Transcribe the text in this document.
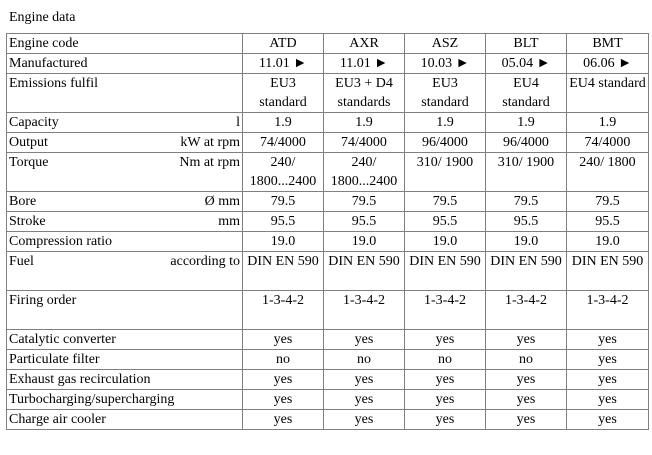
Engine data
Engine code	ATD	AXR	ASZ	BLT	BMT

Manufactured	11.01 ►	11.01 ►	10.03 ►	05.04 ►	06.06 ►

Emissions fulfil	EU3 standard	EU3 + D4 standards	EU3 standard	EU4 standard	EU4 standard

Capacity l	1.9	1.9	1.9	1.9	1.9

Output kW at rpm	74/4000	74/4000	96/4000	96/4000	74/4000

Torque Nm at rpm	240/ 1800...2400	240/ 1800...2400	310/ 1900	310/ 1900	240/ 1800

Bore Ø mm	79.5	79.5	79.5	79.5	79.5

Stroke mm	95.5	95.5	95.5	95.5	95.5

Compression ratio	19.0	19.0	19.0	19.0	19.0

Fuel according to	DIN EN 590	DIN EN 590	DIN EN 590	DIN EN 590	DIN EN 590

Firing order	1-3-4-2	1-3-4-2	1-3-4-2	1-3-4-2	1-3-4-2

Catalytic converter	yes	yes	yes	yes	yes

Particulate filter	no	no	no	no	yes

Exhaust gas recirculation	yes	yes	yes	yes	yes

Turbocharging/supercharging	yes	yes	yes	yes	yes

Charge air cooler	yes	yes	yes	yes	yes
